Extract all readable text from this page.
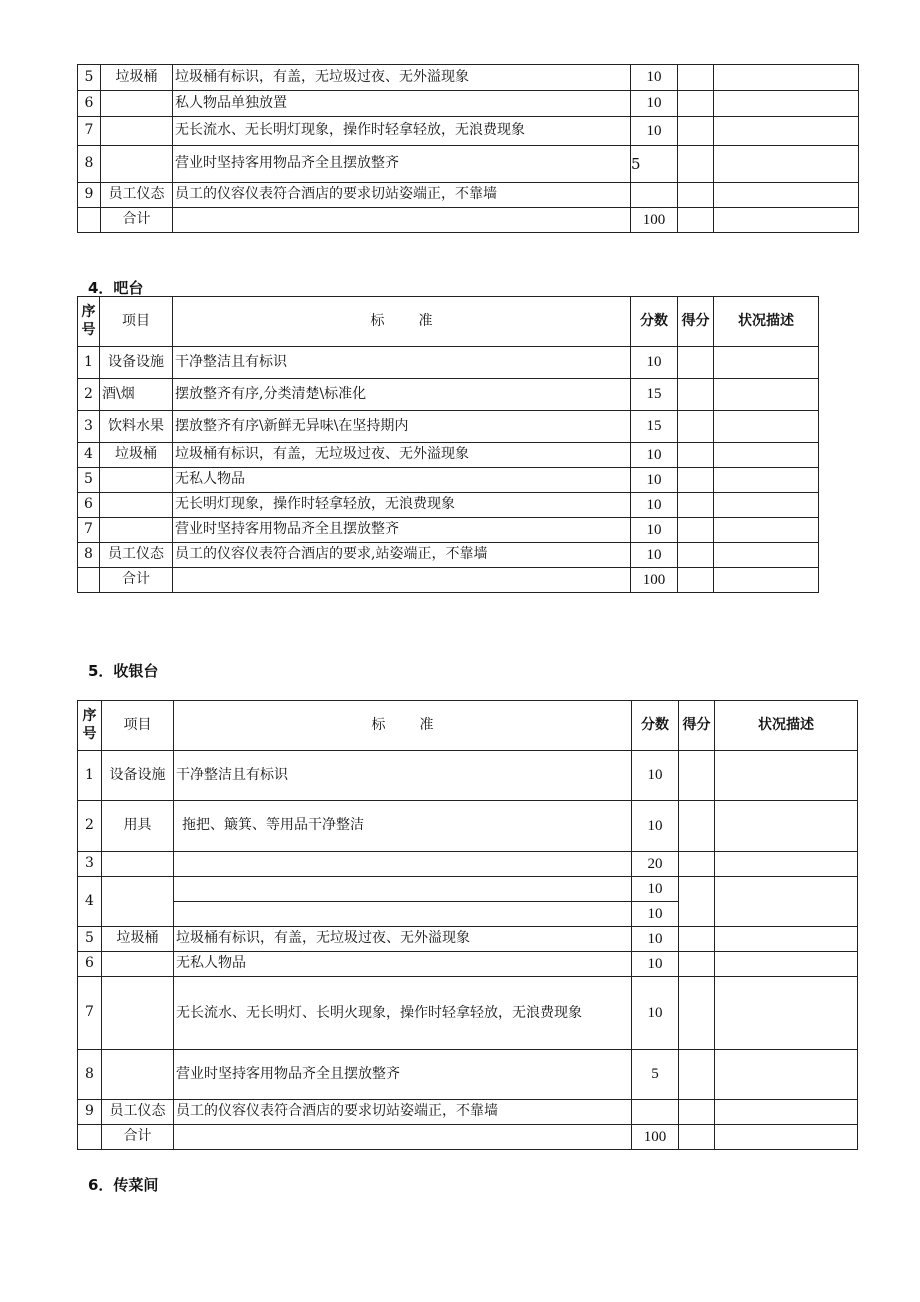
5	垃圾桶	垃圾桶有标识，有盖，无垃圾过夜、无外溢现象	10		
6		私人物品单独放置	10		
7		无长流水、无长明灯现象，操作时轻拿轻放，无浪费现象	10		
8		营业时坚持客用物品齐全且摆放整齐	5		
9	员工仪态	员工的仪容仪表符合酒店的要求切站姿端正，不靠墙			
	合计		100		
4．吧台
序
号	项目	标 准	分数	得分	状况描述
1	设备设施	干净整洁且有标识	10		
2	酒\烟	摆放整齐有序,分类清楚\标准化	15		
3	饮料水果	摆放整齐有序\新鲜无异味\在坚持期内	15		
4	垃圾桶	垃圾桶有标识，有盖，无垃圾过夜、无外溢现象	10		
5		无私人物品	10		
6		无长明灯现象，操作时轻拿轻放，无浪费现象	10		
7		营业时坚持客用物品齐全且摆放整齐	10		
8	员工仪态	员工的仪容仪表符合酒店的要求,站姿端正，不靠墙	10		
	合计		100		
5．收银台
序
号	项目	标 准	分数	得分	状况描述
1	设备设施	干净整洁且有标识	10		
2	用具	拖把、簸箕、等用品干净整洁	10		
3			20		
4			10		
			10		
5	垃圾桶	垃圾桶有标识，有盖，无垃圾过夜、无外溢现象	10		
6		无私人物品	10		
7		无长流水、无长明灯、长明火现象，操作时轻拿轻放，无浪费现象	10		
8		营业时坚持客用物品齐全且摆放整齐	5		
9	员工仪态	员工的仪容仪表符合酒店的要求切站姿端正，不靠墙			
	合计		100		
6．传菜间
